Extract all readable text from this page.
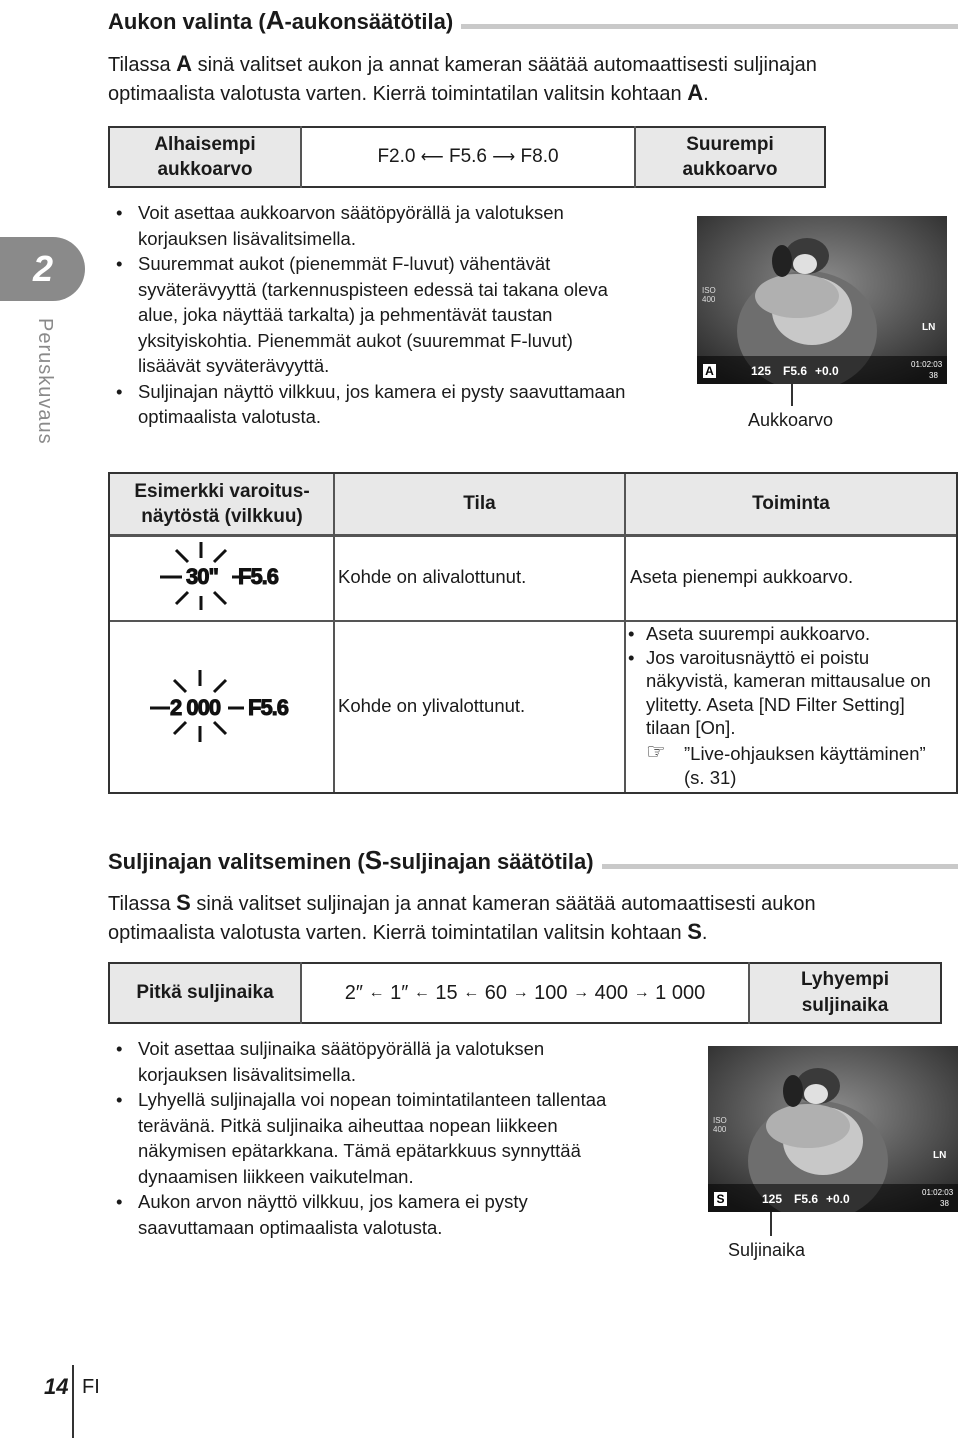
2
Peruskuvaus
Aukon valinta (A-aukonsäätötila)
Tilassa A sinä valitset aukon ja annat kameran säätää automaattisesti suljinajan
optimaalista valotusta varten. Kierrä toimintatilan valitsin kohtaan A.
Alhaisempi aukkoarvo
F2.0
⟵
F5.6
⟶
F8.0
Suurempi aukkoarvo
• Voit asettaa aukkoarvon säätöpyörällä ja valotuksen korjauksen lisävalitsimella.
• Suuremmat aukot (pienemmät F-luvut) vähentävät syväterävyyttä (tarkennuspisteen edessä tai takana oleva alue, joka näyttää tarkalta) ja pehmentävät taustan yksityiskohtia. Pienemmät aukot (suuremmat F-luvut) lisäävät syväterävyyttä.
• Suljinajan näyttö vilkkuu, jos kamera ei pysty saavuttamaan optimaalista valotusta.
ISO 400
LN
A	125 F5.6 +0.0	01:02:03
38
Aukkoarvo
Esimerkki varoitus-näytöstä (vilkkuu)
Tila	Toiminta
30" F5.6	Kohde on alivalottunut.	Aseta pienempi aukkoarvo.
2 000 F5.6	Kohde on ylivalottunut.
• Aseta suurempi aukkoarvo.
• Jos varoitusnäyttö ei poistu näkyvistä, kameran mittausalue on ylitetty. Aseta [ND Filter Setting] tilaan [On].
☞ ”Live-ohjauksen käyttäminen” (s. 31)
Suljinajan valitseminen (S-suljinajan säätötila)
Tilassa S sinä valitset suljinajan ja annat kameran säätää automaattisesti aukon
optimaalista valotusta varten. Kierrä toimintatilan valitsin kohtaan S.
Pitkä suljinaika	2″
←
1″
←
15
←
60
→
100
→
400
→
1 000
Lyhyempi suljinaika
• Voit asettaa suljinaika säätöpyörällä ja valotuksen korjauksen lisävalitsimella.
• Lyhyellä suljinajalla voi nopean toimintatilanteen tallentaa terävänä. Pitkä suljinaika aiheuttaa nopean liikkeen näkymisen epätarkkana. Tämä epätarkkuus synnyttää dynaamisen liikkeen vaikutelman.
• Aukon arvon näyttö vilkkuu, jos kamera ei pysty saavuttamaan optimaalista valotusta.
ISO 400
LN
S	125 F5.6 +0.0	01:02:03
38
Suljinaika
14 FI
